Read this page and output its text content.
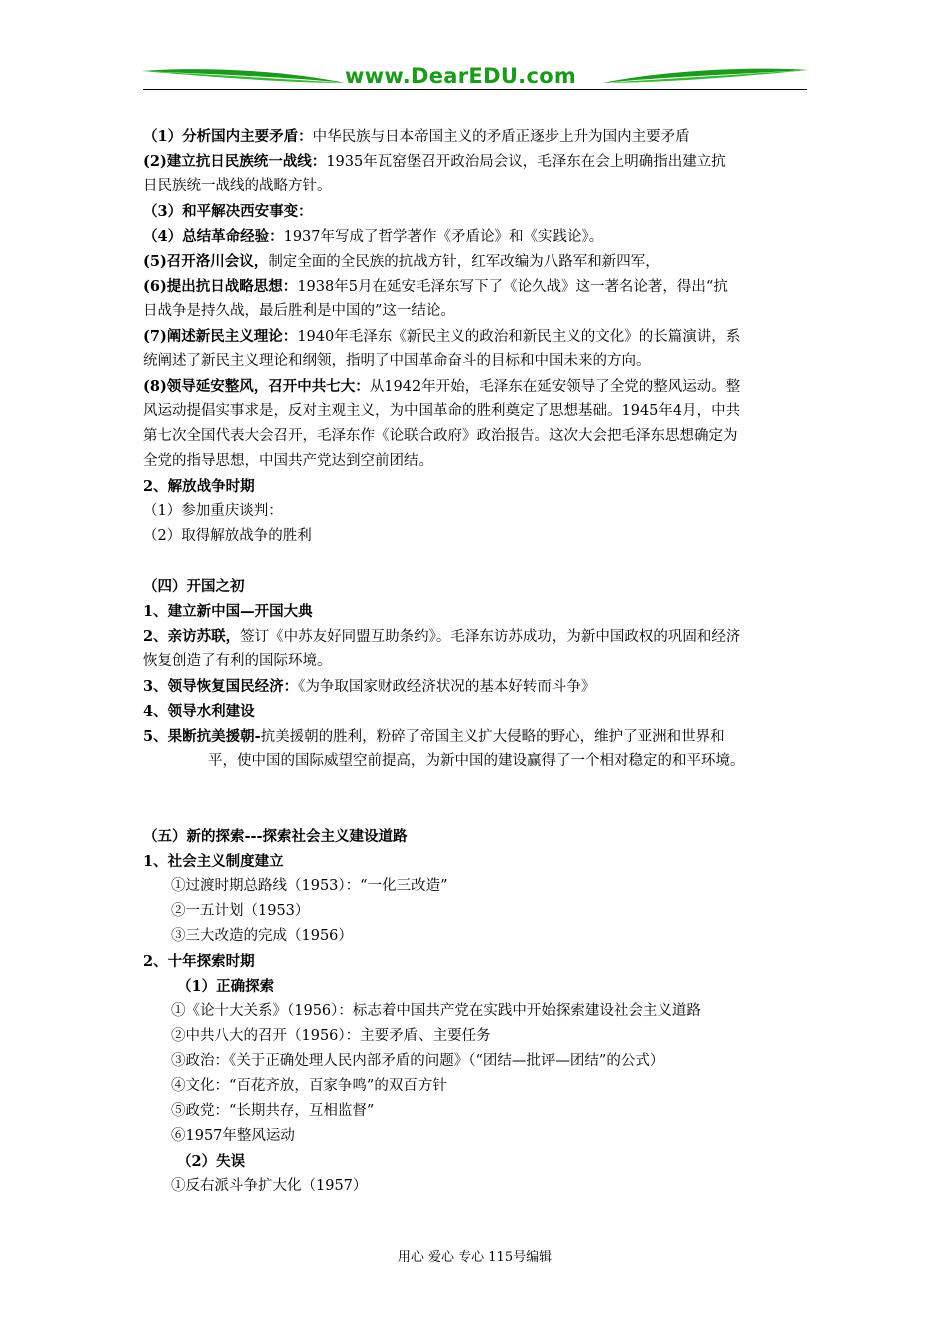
www.DearEDU.com
（1）分析国内主要矛盾：中华民族与日本帝国主义的矛盾正逐步上升为国内主要矛盾
(2)建立抗日民族统一战线：1935年瓦窑堡召开政治局会议，毛泽东在会上明确指出建立抗
日民族统一战线的战略方针。
（3）和平解决西安事变：
（4）总结革命经验：1937年写成了哲学著作《矛盾论》和《实践论》。
(5)召开洛川会议，制定全面的全民族的抗战方针，红军改编为八路军和新四军，
(6)提出抗日战略思想：1938年5月在延安毛泽东写下了《论久战》这一著名论著，得出“抗
日战争是持久战，最后胜利是中国的”这一结论。
(7)阐述新民主义理论：1940年毛泽东《新民主义的政治和新民主义的文化》的长篇演讲，系
统阐述了新民主义理论和纲领，指明了中国革命奋斗的目标和中国未来的方向。
(8)领导延安整风，召开中共七大：从1942年开始，毛泽东在延安领导了全党的整风运动。整
风运动提倡实事求是，反对主观主义，为中国革命的胜利奠定了思想基础。1945年4月，中共
第七次全国代表大会召开，毛泽东作《论联合政府》政治报告。这次大会把毛泽东思想确定为
全党的指导思想，中国共产党达到空前团结。
2、解放战争时期
（1）参加重庆谈判：
（2）取得解放战争的胜利
（四）开国之初
1、建立新中国—开国大典
2、亲访苏联，签订《中苏友好同盟互助条约》。毛泽东访苏成功，为新中国政权的巩固和经济
恢复创造了有利的国际环境。
3、领导恢复国民经济：《为争取国家财政经济状况的基本好转而斗争》
4、领导水利建设
5、果断抗美援朝-抗美援朝的胜利，粉碎了帝国主义扩大侵略的野心，维护了亚洲和世界和
平，使中国的国际威望空前提高，为新中国的建设赢得了一个相对稳定的和平环境。
（五）新的探索---探索社会主义建设道路
1、社会主义制度建立
①过渡时期总路线（1953）：“一化三改造”
②一五计划（1953）
③三大改造的完成（1956）
2、十年探索时期
（1）正确探索
①《论十大关系》（1956）：标志着中国共产党在实践中开始探索建设社会主义道路
②中共八大的召开（1956）：主要矛盾、主要任务
③政治：《关于正确处理人民内部矛盾的问题》（“团结—批评—团结”的公式）
④文化：“百花齐放，百家争鸣”的双百方针
⑤政党：“长期共存，互相监督”
⑥1957年整风运动
（2）失误
①反右派斗争扩大化（1957）
用心 爱心 专心 115号编辑
